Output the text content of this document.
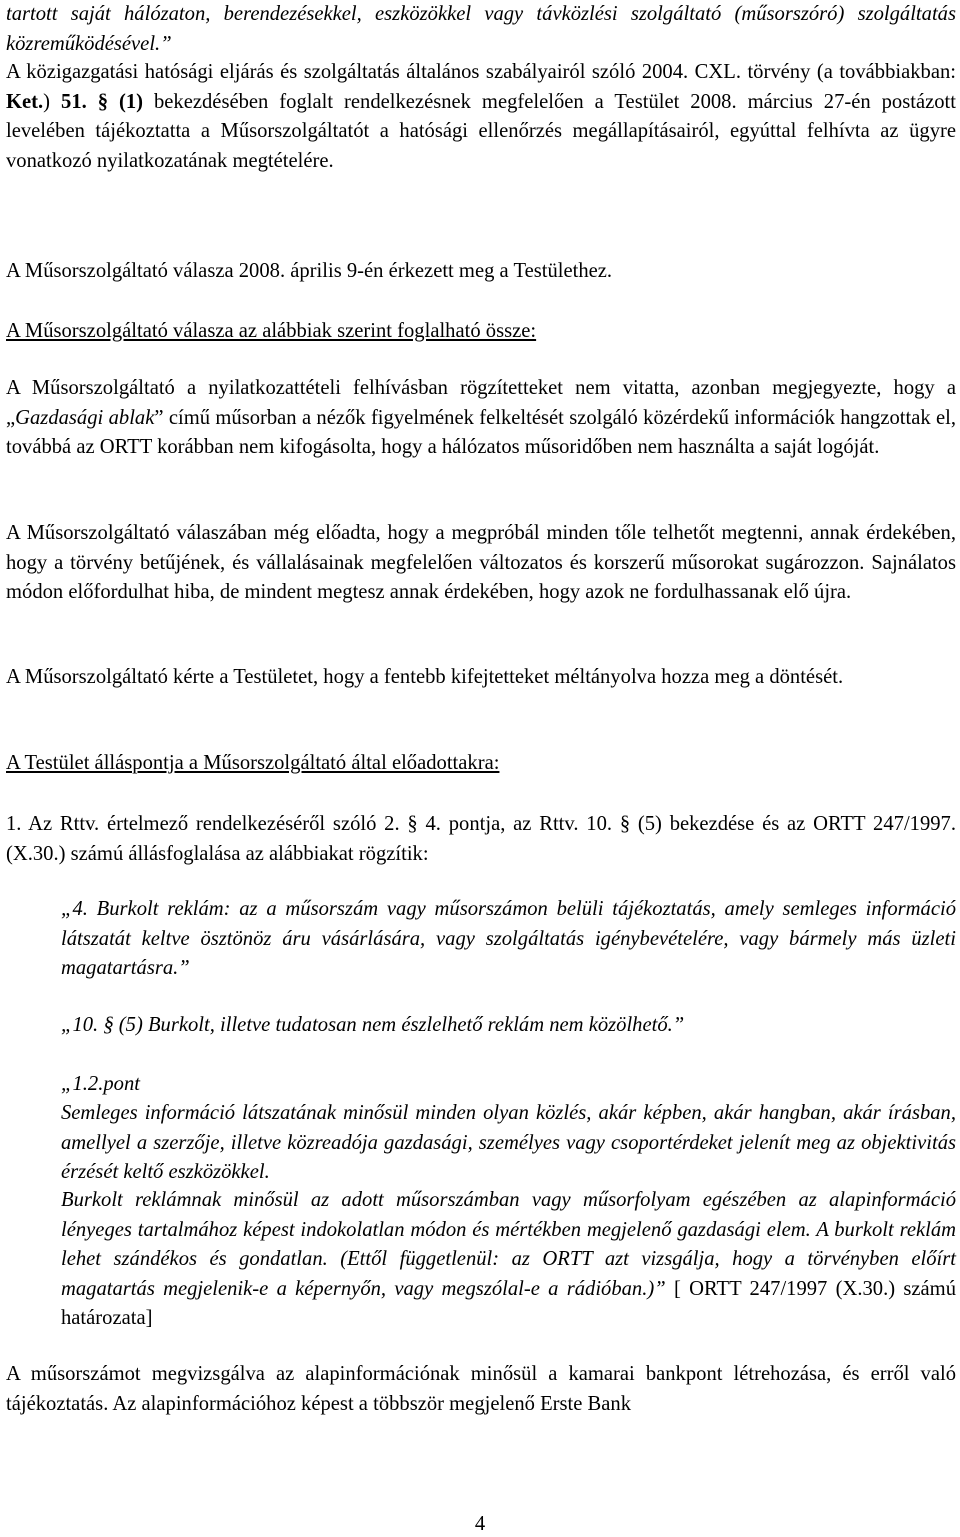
tartott saját hálózaton, berendezésekkel, eszközökkel vagy távközlési szolgáltató (műsorszóró) szolgáltatás közreműködésével.”

A közigazgatási hatósági eljárás és szolgáltatás általános szabályairól szóló 2004. CXL. törvény (a továbbiakban: Ket.) 51. § (1) bekezdésében foglalt rendelkezésnek megfelelően a Testület 2008. március 27-én postázott levelében tájékoztatta a Műsorszolgáltatót a hatósági ellenőrzés megállapításairól, egyúttal felhívta az ügyre vonatkozó nyilatkozatának megtételére.

A Műsorszolgáltató válasza 2008. április 9-én érkezett meg a Testülethez.

A Műsorszolgáltató válasza az alábbiak szerint foglalható össze:

A Műsorszolgáltató a nyilatkozattételi felhívásban rögzítetteket nem vitatta, azonban megjegyezte, hogy a „Gazdasági ablak” című műsorban a nézők figyelmének felkeltését szolgáló közérdekű információk hangzottak el, továbbá az ORTT korábban nem kifogásolta, hogy a hálózatos műsoridőben nem használta a saját logóját.

A Műsorszolgáltató válaszában még előadta, hogy a megpróbál minden tőle telhetőt megtenni, annak érdekében, hogy a törvény betűjének, és vállalásainak megfelelően változatos és korszerű műsorokat sugározzon. Sajnálatos módon előfordulhat hiba, de mindent megtesz annak érdekében, hogy azok ne fordulhassanak elő újra.

A Műsorszolgáltató kérte a Testületet, hogy a fentebb kifejtetteket méltányolva hozza meg a döntését.

A Testület álláspontja a Műsorszolgáltató által előadottakra:

1. Az Rttv. értelmező rendelkezéséről szóló 2. § 4. pontja, az Rttv. 10. § (5) bekezdése és az ORTT 247/1997. (X.30.) számú állásfoglalása az alábbiakat rögzítik:

„4. Burkolt reklám: az a műsorszám vagy műsorszámon belüli tájékoztatás, amely semleges információ látszatát keltve ösztönöz áru vásárlására, vagy szolgáltatás igénybevételére, vagy bármely más üzleti magatartásra.”

„10. § (5) Burkolt, illetve tudatosan nem észlelhető reklám nem közölhető.”

„1.2.pont

Semleges információ látszatának minősül minden olyan közlés, akár képben, akár hangban, akár írásban, amellyel a szerzője, illetve közreadója gazdasági, személyes vagy csoportérdeket jelenít meg az objektivitás érzését keltő eszközökkel.

Burkolt reklámnak minősül az adott műsorszámban vagy műsorfolyam egészében az alapinformáció lényeges tartalmához képest indokolatlan módon és mértékben megjelenő gazdasági elem. A burkolt reklám lehet szándékos és gondatlan. (Ettől függetlenül: az ORTT azt vizsgálja, hogy a törvényben előírt magatartás megjelenik-e a képernyőn, vagy megszólal-e a rádióban.)” [ ORTT 247/1997 (X.30.) számú határozata]

A műsorszámot megvizsgálva az alapinformációnak minősül a kamarai bankpont létrehozása, és erről való tájékoztatás. Az alapinformációhoz képest a többször megjelenő Erste Bank

4
